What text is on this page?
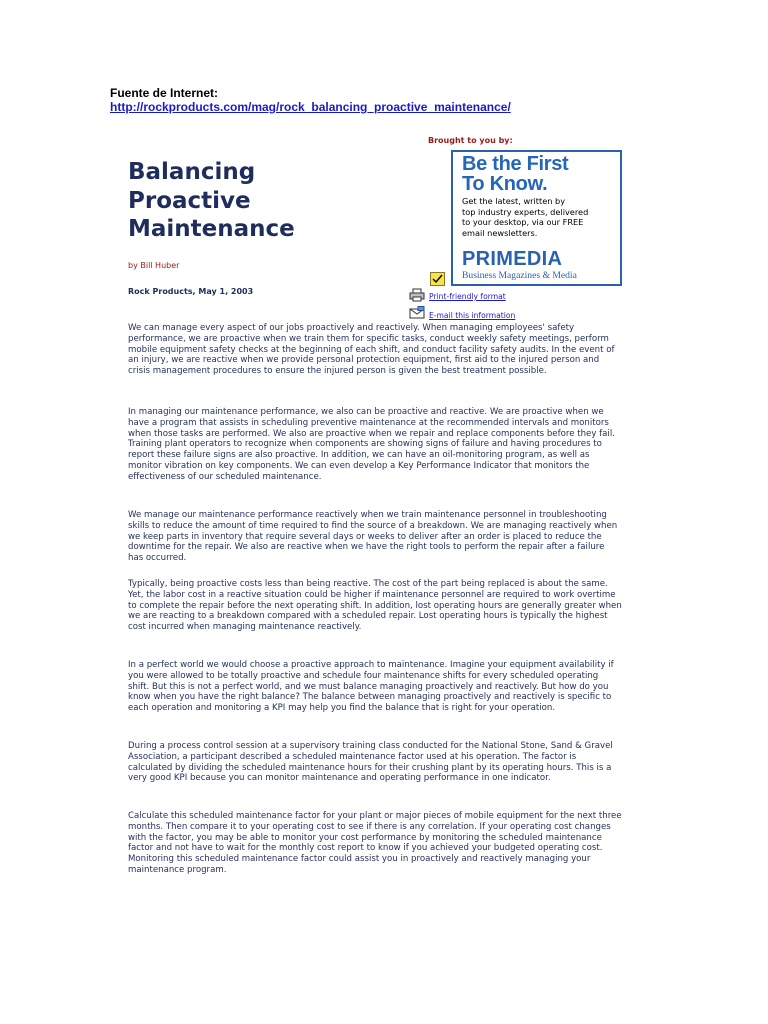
Fuente de Internet:
http://rockproducts.com/mag/rock_balancing_proactive_maintenance/
Balancing
Proactive
Maintenance
by Bill Huber
Rock Products, May 1, 2003
Brought to you by:
Be the First
To Know.
Get the latest, written by
top industry experts, delivered
to your desktop, via our FREE
email newsletters.
PRIMEDIA
Business Magazines & Media
Print-friendly format
E-mail this information

We can manage every aspect of our jobs proactively and reactively. When managing employees' safety performance, we are proactive when we train them for specific tasks, conduct weekly safety meetings, perform mobile equipment safety checks at the beginning of each shift, and conduct facility safety audits. In the event of an injury, we are reactive when we provide personal protection equipment, first aid to the injured person and crisis management procedures to ensure the injured person is given the best treatment possible.

In managing our maintenance performance, we also can be proactive and reactive. We are proactive when we have a program that assists in scheduling preventive maintenance at the recommended intervals and monitors when those tasks are performed. We also are proactive when we repair and replace components before they fail. Training plant operators to recognize when components are showing signs of failure and having procedures to report these failure signs are also proactive. In addition, we can have an oil-monitoring program, as well as monitor vibration on key components. We can even develop a Key Performance Indicator that monitors the effectiveness of our scheduled maintenance.

We manage our maintenance performance reactively when we train maintenance personnel in troubleshooting skills to reduce the amount of time required to find the source of a breakdown. We are managing reactively when we keep parts in inventory that require several days or weeks to deliver after an order is placed to reduce the downtime for the repair. We also are reactive when we have the right tools to perform the repair after a failure has occurred.

Typically, being proactive costs less than being reactive. The cost of the part being replaced is about the same. Yet, the labor cost in a reactive situation could be higher if maintenance personnel are required to work overtime to complete the repair before the next operating shift. In addition, lost operating hours are generally greater when we are reacting to a breakdown compared with a scheduled repair. Lost operating hours is typically the highest cost incurred when managing maintenance reactively.

In a perfect world we would choose a proactive approach to maintenance. Imagine your equipment availability if you were allowed to be totally proactive and schedule four maintenance shifts for every scheduled operating shift. But this is not a perfect world, and we must balance managing proactively and reactively. But how do you know when you have the right balance? The balance between managing proactively and reactively is specific to each operation and monitoring a KPI may help you find the balance that is right for your operation.

During a process control session at a supervisory training class conducted for the National Stone, Sand & Gravel Association, a participant described a scheduled maintenance factor used at his operation. The factor is calculated by dividing the scheduled maintenance hours for their crushing plant by its operating hours. This is a very good KPI because you can monitor maintenance and operating performance in one indicator.

Calculate this scheduled maintenance factor for your plant or major pieces of mobile equipment for the next three months. Then compare it to your operating cost to see if there is any correlation. If your operating cost changes with the factor, you may be able to monitor your cost performance by monitoring the scheduled maintenance factor and not have to wait for the monthly cost report to know if you achieved your budgeted operating cost. Monitoring this scheduled maintenance factor could assist you in proactively and reactively managing your maintenance program.
